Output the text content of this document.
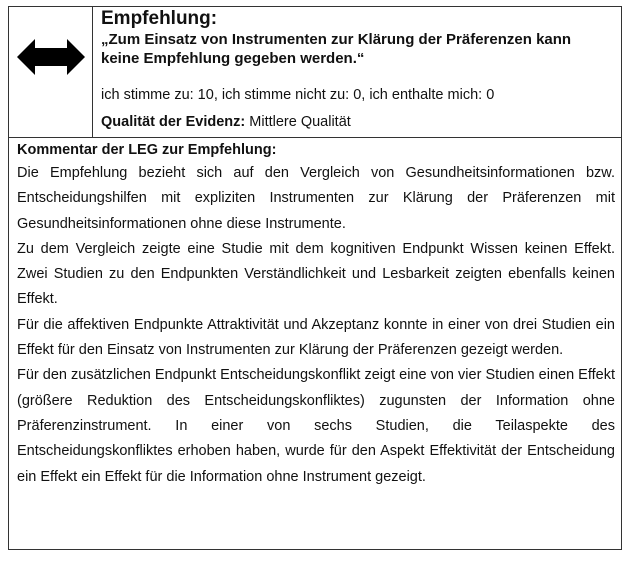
Empfehlung:
„Zum Einsatz von Instrumenten zur Klärung der Präferenzen kann keine Empfehlung gegeben werden.“
ich stimme zu: 10, ich stimme nicht zu: 0, ich enthalte mich: 0
Qualität der Evidenz: Mittlere Qualität
Kommentar der LEG zur Empfehlung:

Die Empfehlung bezieht sich auf den Vergleich von Gesundheitsinformationen bzw. Entscheidungshilfen mit expliziten Instrumenten zur Klärung der Präferenzen mit Gesundheitsinformationen ohne diese Instrumente.

Zu dem Vergleich zeigte eine Studie mit dem kognitiven Endpunkt Wissen keinen Effekt. Zwei Studien zu den Endpunkten Verständlichkeit und Lesbarkeit zeigten ebenfalls keinen Effekt.

Für die affektiven Endpunkte Attraktivität und Akzeptanz konnte in einer von drei Studien ein Effekt für den Einsatz von Instrumenten zur Klärung der Präferenzen gezeigt werden.

Für den zusätzlichen Endpunkt Entscheidungskonflikt zeigt eine von vier Studien einen Effekt (größere Reduktion des Entscheidungskonfliktes) zugunsten der Information ohne Präferenzinstrument. In einer von sechs Studien, die Teilaspekte des Entscheidungskonfliktes erhoben haben, wurde für den Aspekt Effektivität der Entscheidung ein Effekt ein Effekt für die Information ohne Instrument gezeigt.
